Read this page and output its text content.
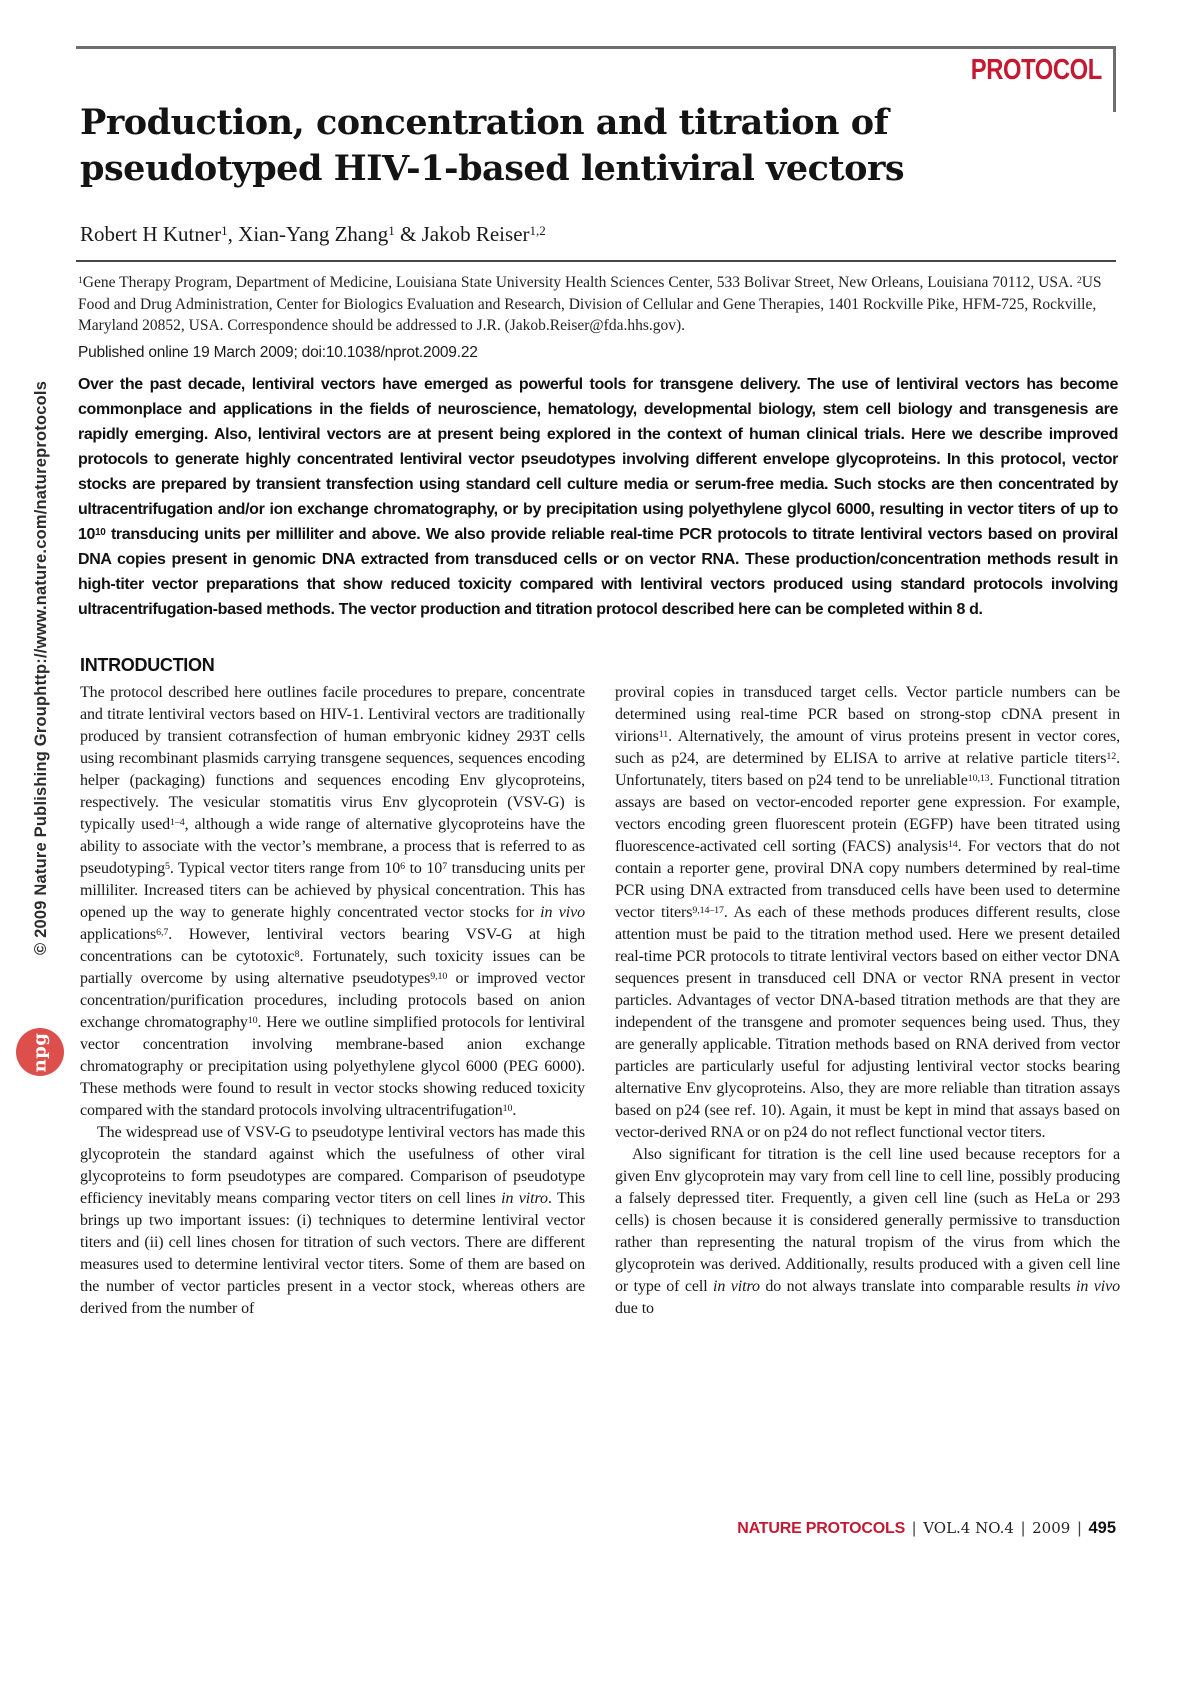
PROTOCOL
Production, concentration and titration of pseudotyped HIV-1-based lentiviral vectors
Robert H Kutner$^1$, Xian-Yang Zhang$^1$ & Jakob Reiser$^{1,2}$
$^1$Gene Therapy Program, Department of Medicine, Louisiana State University Health Sciences Center, 533 Bolivar Street, New Orleans, Louisiana 70112, USA. $^2$US Food and Drug Administration, Center for Biologics Evaluation and Research, Division of Cellular and Gene Therapies, 1401 Rockville Pike, HFM-725, Rockville, Maryland 20852, USA. Correspondence should be addressed to J.R. (Jakob.Reiser@fda.hhs.gov).
Published online 19 March 2009; doi:10.1038/nprot.2009.22
Over the past decade, lentiviral vectors have emerged as powerful tools for transgene delivery. The use of lentiviral vectors has become commonplace and applications in the fields of neuroscience, hematology, developmental biology, stem cell biology and transgenesis are rapidly emerging. Also, lentiviral vectors are at present being explored in the context of human clinical trials. Here we describe improved protocols to generate highly concentrated lentiviral vector pseudotypes involving different envelope glycoproteins. In this protocol, vector stocks are prepared by transient transfection using standard cell culture media or serum-free media. Such stocks are then concentrated by ultracentrifugation and/or ion exchange chromatography, or by precipitation using polyethylene glycol 6000, resulting in vector titers of up to $10^{10}$ transducing units per milliliter and above. We also provide reliable real-time PCR protocols to titrate lentiviral vectors based on proviral DNA copies present in genomic DNA extracted from transduced cells or on vector RNA. These production/concentration methods result in high-titer vector preparations that show reduced toxicity compared with lentiviral vectors produced using standard protocols involving ultracentrifugation-based methods. The vector production and titration protocol described here can be completed within 8 d.
INTRODUCTION

The protocol described here outlines facile procedures to prepare, concentrate and titrate lentiviral vectors based on HIV-1. Lentiviral vectors are traditionally produced by transient cotransfection of human embryonic kidney 293T cells using recombinant plasmids carrying transgene sequences, sequences encoding helper (packaging) functions and sequences encoding Env glycoproteins, respectively. The vesicular stomatitis virus Env glycoprotein (VSV-G) is typically used$^{1-4}$, although a wide range of alternative glycoproteins have the ability to associate with the vector’s membrane, a process that is referred to as pseudotyping$^5$. Typical vector titers range from $10^6$ to $10^7$ transducing units per milliliter. Increased titers can be achieved by physical concentration. This has opened up the way to generate highly concentrated vector stocks for in vivo applications$^{6,7}$. However, lentiviral vectors bearing VSV-G at high concentrations can be cytotoxic$^8$. Fortunately, such toxicity issues can be partially overcome by using alternative pseudotypes$^{9,10}$ or improved vector concentration/purification procedures, including protocols based on anion exchange chromatography$^{10}$. Here we outline simplified protocols for lentiviral vector concentration involving membrane-based anion exchange chromatography or precipitation using polyethylene glycol 6000 (PEG 6000). These methods were found to result in vector stocks showing reduced toxicity compared with the standard protocols involving ultracentrifugation$^{10}$.

The widespread use of VSV-G to pseudotype lentiviral vectors has made this glycoprotein the standard against which the usefulness of other viral glycoproteins to form pseudotypes are compared. Comparison of pseudotype efficiency inevitably means comparing vector titers on cell lines in vitro. This brings up two important issues: (i) techniques to determine lentiviral vector titers and (ii) cell lines chosen for titration of such vectors. There are different measures used to determine lentiviral vector titers. Some of them are based on the number of vector particles present in a vector stock, whereas others are derived from the number of

proviral copies in transduced target cells. Vector particle numbers can be determined using real-time PCR based on strong-stop cDNA present in virions$^{11}$. Alternatively, the amount of virus proteins present in vector cores, such as p24, are determined by ELISA to arrive at relative particle titers$^{12}$. Unfortunately, titers based on p24 tend to be unreliable$^{10,13}$. Functional titration assays are based on vector-encoded reporter gene expression. For example, vectors encoding green fluorescent protein (EGFP) have been titrated using fluorescence-activated cell sorting (FACS) analysis$^{14}$. For vectors that do not contain a reporter gene, proviral DNA copy numbers determined by real-time PCR using DNA extracted from transduced cells have been used to determine vector titers$^{9,14-17}$. As each of these methods produces different results, close attention must be paid to the titration method used. Here we present detailed real-time PCR protocols to titrate lentiviral vectors based on either vector DNA sequences present in transduced cell DNA or vector RNA present in vector particles. Advantages of vector DNA-based titration methods are that they are independent of the transgene and promoter sequences being used. Thus, they are generally applicable. Titration methods based on RNA derived from vector particles are particularly useful for adjusting lentiviral vector stocks bearing alternative Env glycoproteins. Also, they are more reliable than titration assays based on p24 (see ref. 10). Again, it must be kept in mind that assays based on vector-derived RNA or on p24 do not reflect functional vector titers.

Also significant for titration is the cell line used because receptors for a given Env glycoprotein may vary from cell line to cell line, possibly producing a falsely depressed titer. Frequently, a given cell line (such as HeLa or 293 cells) is chosen because it is considered generally permissive to transduction rather than representing the natural tropism of the virus from which the glycoprotein was derived. Additionally, results produced with a given cell line or type of cell in vitro do not always translate into comparable results in vivo due to

© 2009 Nature Publishing Group
http://www.nature.com/natureprotocols
npg
NATURE PROTOCOLS | VOL.4 NO.4 | 2009 | 495
